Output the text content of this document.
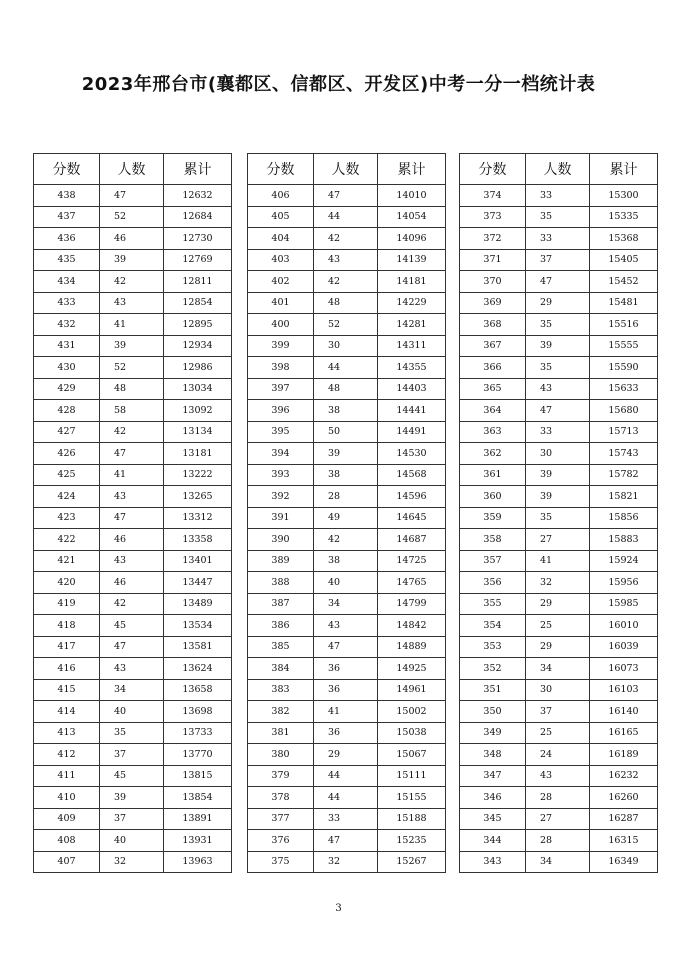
2023年邢台市(襄都区、信都区、开发区)中考一分一档统计表
分数	人数	累计
438	47	12632
437	52	12684
436	46	12730
435	39	12769
434	42	12811
433	43	12854
432	41	12895
431	39	12934
430	52	12986
429	48	13034
428	58	13092
427	42	13134
426	47	13181
425	41	13222
424	43	13265
423	47	13312
422	46	13358
421	43	13401
420	46	13447
419	42	13489
418	45	13534
417	47	13581
416	43	13624
415	34	13658
414	40	13698
413	35	13733
412	37	13770
411	45	13815
410	39	13854
409	37	13891
408	40	13931
407	32	13963
分数	人数	累计
406	47	14010
405	44	14054
404	42	14096
403	43	14139
402	42	14181
401	48	14229
400	52	14281
399	30	14311
398	44	14355
397	48	14403
396	38	14441
395	50	14491
394	39	14530
393	38	14568
392	28	14596
391	49	14645
390	42	14687
389	38	14725
388	40	14765
387	34	14799
386	43	14842
385	47	14889
384	36	14925
383	36	14961
382	41	15002
381	36	15038
380	29	15067
379	44	15111
378	44	15155
377	33	15188
376	47	15235
375	32	15267
分数	人数	累计
374	33	15300
373	35	15335
372	33	15368
371	37	15405
370	47	15452
369	29	15481
368	35	15516
367	39	15555
366	35	15590
365	43	15633
364	47	15680
363	33	15713
362	30	15743
361	39	15782
360	39	15821
359	35	15856
358	27	15883
357	41	15924
356	32	15956
355	29	15985
354	25	16010
353	29	16039
352	34	16073
351	30	16103
350	37	16140
349	25	16165
348	24	16189
347	43	16232
346	28	16260
345	27	16287
344	28	16315
343	34	16349
3
